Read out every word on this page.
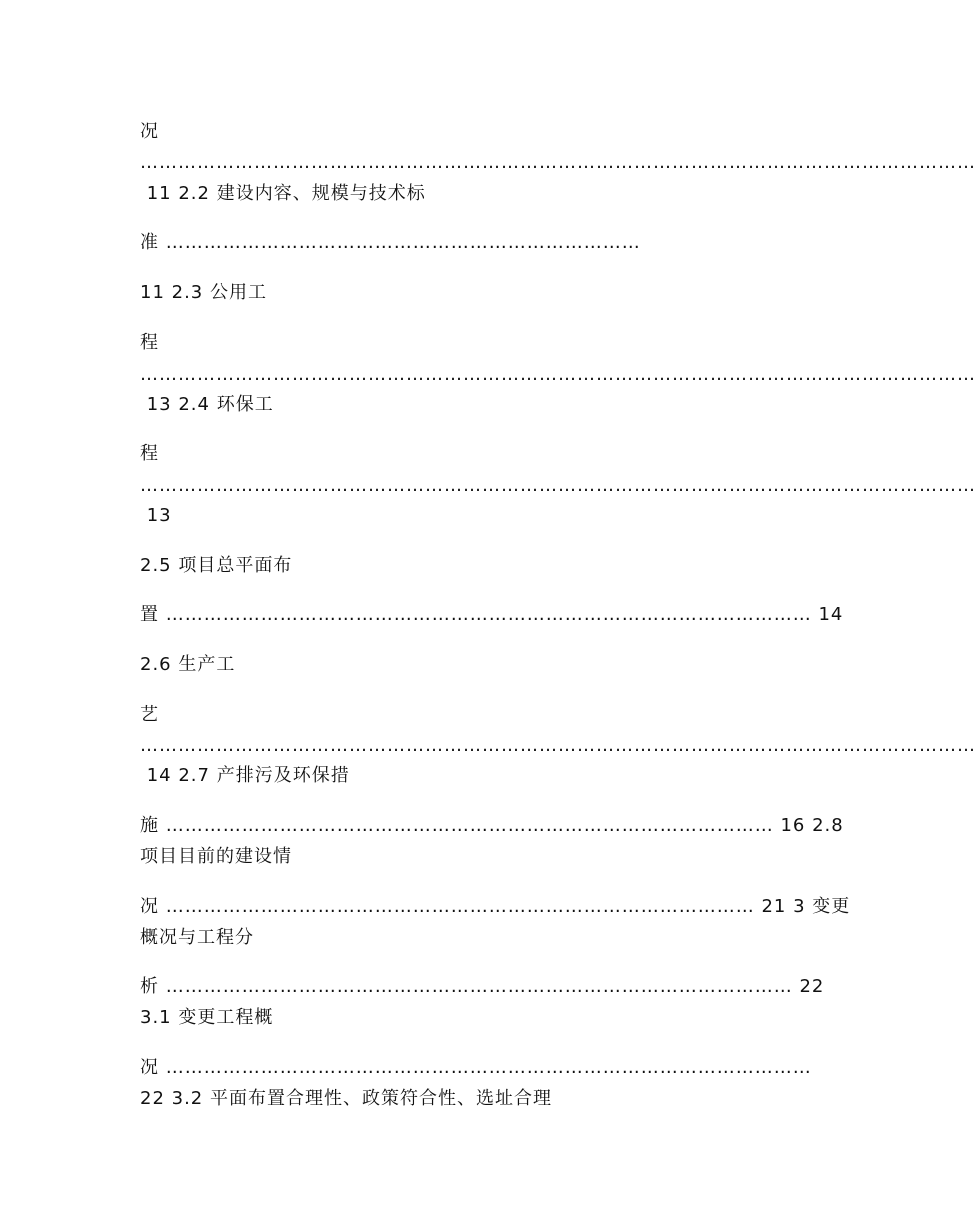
况
……………………………………………………………………………………………………………………
11 2.2 建设内容、规模与技术标
准 …………………………………………………………………
11 2.3 公用工
程
……………………………………………………………………………………………………………………
13 2.4 环保工
程
……………………………………………………………………………………………………………………
13
2.5 项目总平面布
置 ………………………………………………………………………………………… 14
2.6 生产工
艺
……………………………………………………………………………………………………………………
14 2.7 产排污及环保措
施 …………………………………………………………………………………… 16 2.8
项目目前的建设情
况 ………………………………………………………………………………… 21 3 变更
概况与工程分
析 ……………………………………………………………………………………… 22
3.1 变更工程概
况 …………………………………………………………………………………………
22 3.2 平面布置合理性、政策符合性、选址合理
